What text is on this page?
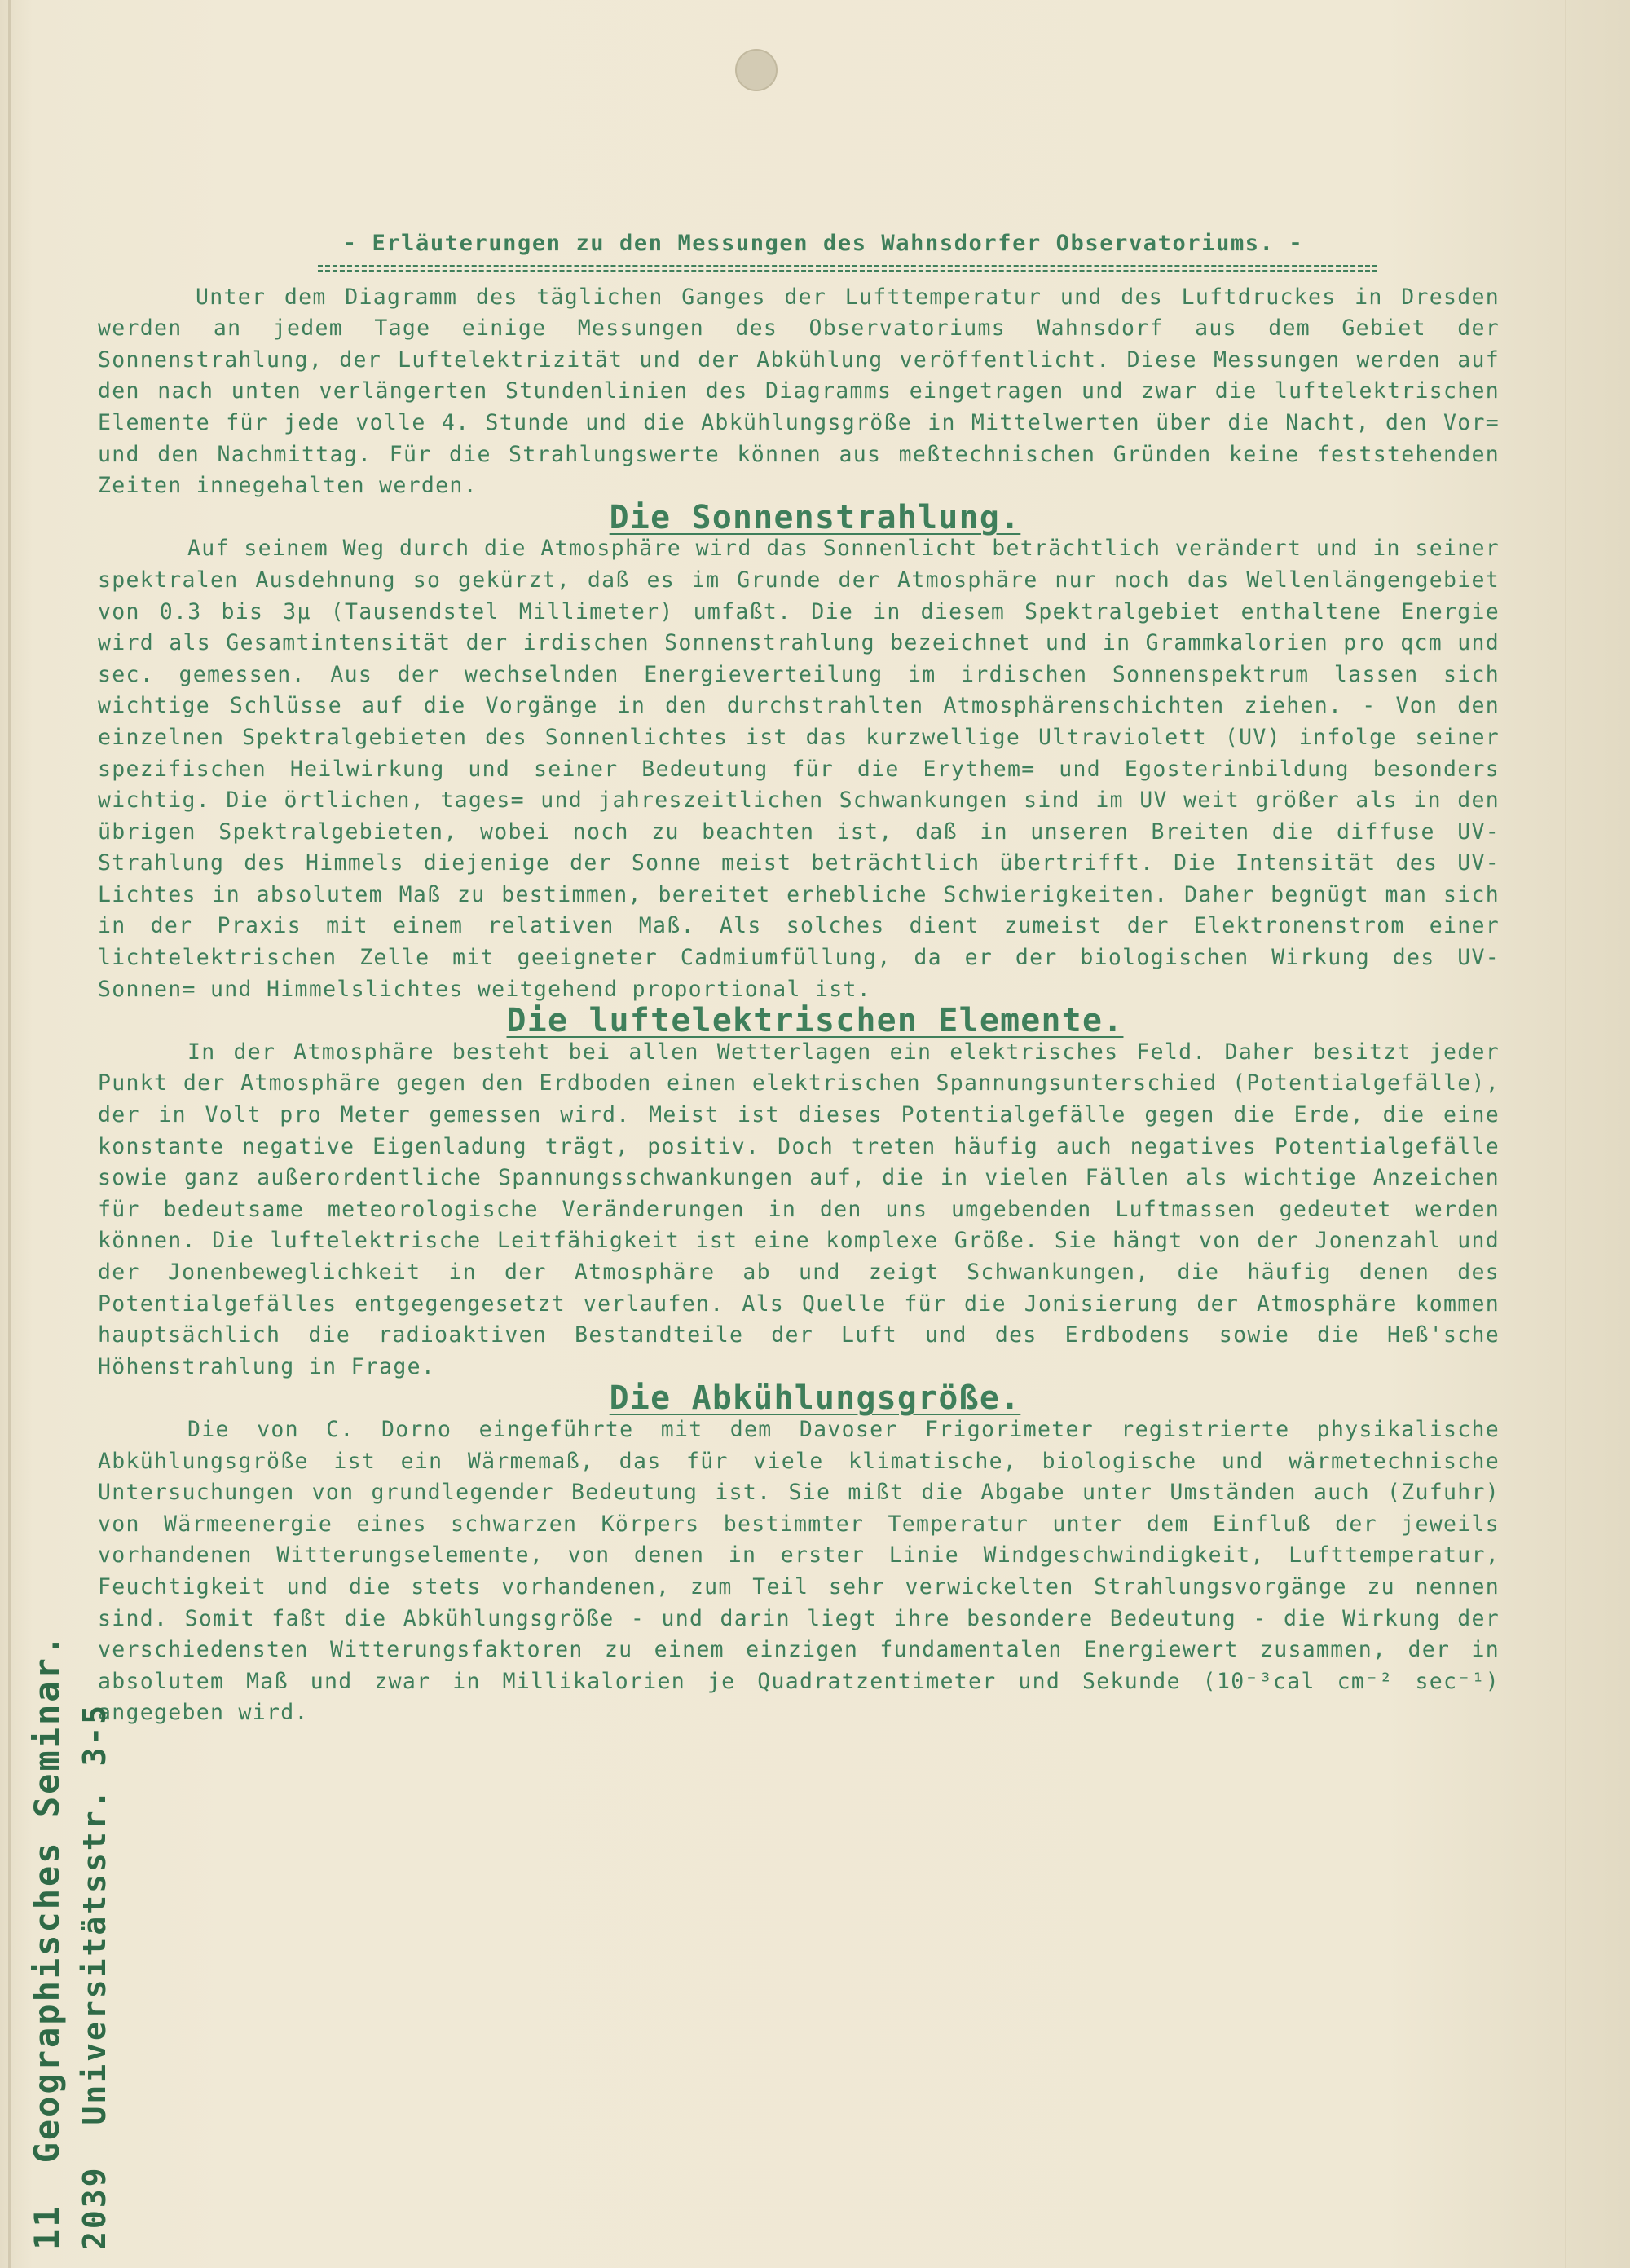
- Erläuterungen zu den Messungen des Wahnsdorfer Observatoriums. -

Unter dem Diagramm des täglichen Ganges der Lufttemperatur und des Luftdruckes in Dresden werden an jedem Tage einige Messungen des Observatoriums Wahnsdorf aus dem Gebiet der Sonnenstrahlung, der Luftelektrizität und der Abkühlung veröffentlicht. Diese Messungen werden auf den nach unten verlängerten Stundenlinien des Diagramms eingetragen und zwar die luftelektrischen Elemente für jede volle 4. Stunde und die Abkühlungsgröße in Mittelwerten über die Nacht, den Vor= und den Nachmittag. Für die Strahlungswerte können aus meßtechnischen Gründen keine feststehenden Zeiten innegehalten werden.

Die Sonnenstrahlung.

Auf seinem Weg durch die Atmosphäre wird das Sonnenlicht beträchtlich verändert und in seiner spektralen Ausdehnung so gekürzt, daß es im Grunde der Atmosphäre nur noch das Wellenlängengebiet von 0.3 bis 3µ (Tausendstel Millimeter) umfaßt. Die in diesem Spektralgebiet enthaltene Energie wird als Gesamtintensität der irdischen Sonnenstrahlung bezeichnet und in Grammkalorien pro qcm und sec. gemessen. Aus der wechselnden Energieverteilung im irdischen Sonnenspektrum lassen sich wichtige Schlüsse auf die Vorgänge in den durchstrahlten Atmosphärenschichten ziehen. - Von den einzelnen Spektralgebieten des Sonnenlichtes ist das kurzwellige Ultraviolett (UV) infolge seiner spezifischen Heilwirkung und seiner Bedeutung für die Erythem= und Egosterinbildung besonders wichtig. Die örtlichen, tages= und jahreszeitlichen Schwankungen sind im UV weit größer als in den übrigen Spektralgebieten, wobei noch zu beachten ist, daß in unseren Breiten die diffuse UV-Strahlung des Himmels diejenige der Sonne meist beträchtlich übertrifft. Die Intensität des UV-Lichtes in absolutem Maß zu bestimmen, bereitet erhebliche Schwierigkeiten. Daher begnügt man sich in der Praxis mit einem relativen Maß. Als solches dient zumeist der Elektronenstrom einer lichtelektrischen Zelle mit geeigneter Cadmiumfüllung, da er der biologischen Wirkung des UV-Sonnen= und Himmelslichtes weitgehend proportional ist.

Die luftelektrischen Elemente.

In der Atmosphäre besteht bei allen Wetterlagen ein elektrisches Feld. Daher besitzt jeder Punkt der Atmosphäre gegen den Erdboden einen elektrischen Spannungsunterschied (Potentialgefälle), der in Volt pro Meter gemessen wird. Meist ist dieses Potentialgefälle gegen die Erde, die eine konstante negative Eigenladung trägt, positiv. Doch treten häufig auch negatives Potentialgefälle sowie ganz außerordentliche Spannungsschwankungen auf, die in vielen Fällen als wichtige Anzeichen für bedeutsame meteorologische Veränderungen in den uns umgebenden Luftmassen gedeutet werden können. Die luftelektrische Leitfähigkeit ist eine komplexe Größe. Sie hängt von der Jonenzahl und der Jonenbeweglichkeit in der Atmosphäre ab und zeigt Schwankungen, die häufig denen des Potentialgefälles entgegengesetzt verlaufen. Als Quelle für die Jonisierung der Atmosphäre kommen hauptsächlich die radioaktiven Bestandteile der Luft und des Erdbodens sowie die Heß'sche Höhenstrahlung in Frage.

Die Abkühlungsgröße.

Die von C. Dorno eingeführte mit dem Davoser Frigorimeter registrierte physikalische Abkühlungsgröße ist ein Wärmemaß, das für viele klimatische, biologische und wärmetechnische Untersuchungen von grundlegender Bedeutung ist. Sie mißt die Abgabe unter Umständen auch (Zufuhr) von Wärmeenergie eines schwarzen Körpers bestimmter Temperatur unter dem Einfluß der jeweils vorhandenen Witterungselemente, von denen in erster Linie Windgeschwindigkeit, Lufttemperatur, Feuchtigkeit und die stets vorhandenen, zum Teil sehr verwickelten Strahlungsvorgänge zu nennen sind. Somit faßt die Abkühlungsgröße - und darin liegt ihre besondere Bedeutung - die Wirkung der verschiedensten Witterungsfaktoren zu einem einzigen fundamentalen Energiewert zusammen, der in absolutem Maß und zwar in Millikalorien je Quadratzentimeter und Sekunde (10⁻³cal cm⁻² sec⁻¹) angegeben wird.

11Geographisches Seminar.
2039Universitätsstr. 3-5
